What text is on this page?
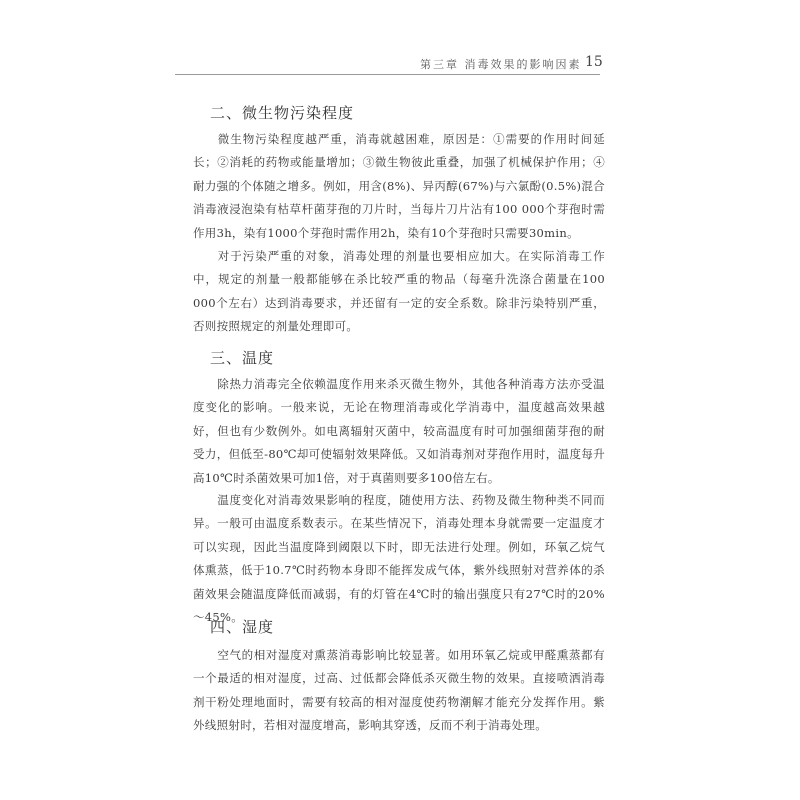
第三章 消毒效果的影响因素 15
二、微生物污染程度

微生物污染程度越严重，消毒就越困难，原因是：①需要的作用时间延长；②消耗的药物或能量增加；③微生物彼此重叠，加强了机械保护作用；④耐力强的个体随之增多。例如，用含(8%)、异丙醇(67%)与六氯酚(0.5%)混合消毒液浸泡染有枯草杆菌芽孢的刀片时，当每片刀片沾有100 000个芽孢时需作用3h，染有1000个芽孢时需作用2h，染有10个芽孢时只需要30min。

对于污染严重的对象，消毒处理的剂量也要相应加大。在实际消毒工作中，规定的剂量一般都能够在杀比较严重的物品（每毫升洗涤合菌量在100 000个左右）达到消毒要求，并还留有一定的安全系数。除非污染特别严重，否则按照规定的剂量处理即可。

三、温度

除热力消毒完全依赖温度作用来杀灭微生物外，其他各种消毒方法亦受温度变化的影响。一般来说，无论在物理消毒或化学消毒中，温度越高效果越好，但也有少数例外。如电离辐射灭菌中，较高温度有时可加强细菌芽孢的耐受力，但低至-80℃却可使辐射效果降低。又如消毒剂对芽孢作用时，温度每升高10℃时杀菌效果可加1倍，对于真菌则要多100倍左右。

温度变化对消毒效果影响的程度，随使用方法、药物及微生物种类不同而异。一般可由温度系数表示。在某些情况下，消毒处理本身就需要一定温度才可以实现，因此当温度降到阈限以下时，即无法进行处理。例如，环氧乙烷气体熏蒸，低于10.7℃时药物本身即不能挥发成气体，紫外线照射对营养体的杀菌效果会随温度降低而减弱，有的灯管在4℃时的输出强度只有27℃时的20%～45%。

四、湿度

空气的相对湿度对熏蒸消毒影响比较显著。如用环氧乙烷或甲醛熏蒸都有一个最适的相对湿度，过高、过低都会降低杀灭微生物的效果。直接喷洒消毒剂干粉处理地面时，需要有较高的相对湿度使药物潮解才能充分发挥作用。紫外线照射时，若相对湿度增高，影响其穿透，反而不利于消毒处理。
